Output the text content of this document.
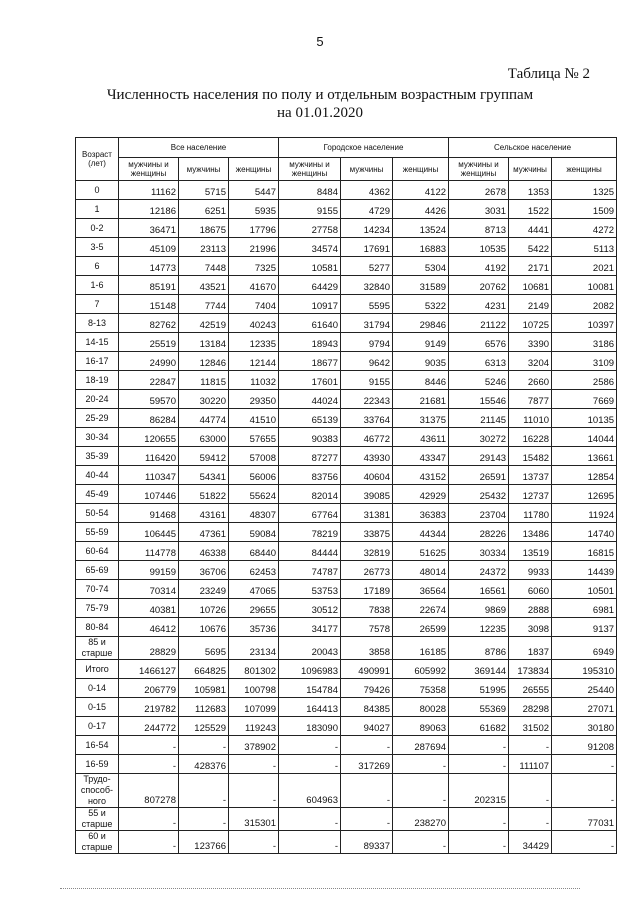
5
Таблица № 2
Численность населения по полу и отдельным возрастным группам
на 01.01.2020
Возраст (лет)	Все население			Городское население			Сельское население		
	мужчины и женщины	мужчины	женщины	мужчины и женщины	мужчины	женщины	мужчины и женщины	мужчины	женщины
0	11162	5715	5447	8484	4362	4122	2678	1353	1325
1	12186	6251	5935	9155	4729	4426	3031	1522	1509
0-2	36471	18675	17796	27758	14234	13524	8713	4441	4272
3-5	45109	23113	21996	34574	17691	16883	10535	5422	5113
6	14773	7448	7325	10581	5277	5304	4192	2171	2021
1-6	85191	43521	41670	64429	32840	31589	20762	10681	10081
7	15148	7744	7404	10917	5595	5322	4231	2149	2082
8-13	82762	42519	40243	61640	31794	29846	21122	10725	10397
14-15	25519	13184	12335	18943	9794	9149	6576	3390	3186
16-17	24990	12846	12144	18677	9642	9035	6313	3204	3109
18-19	22847	11815	11032	17601	9155	8446	5246	2660	2586
20-24	59570	30220	29350	44024	22343	21681	15546	7877	7669
25-29	86284	44774	41510	65139	33764	31375	21145	11010	10135
30-34	120655	63000	57655	90383	46772	43611	30272	16228	14044
35-39	116420	59412	57008	87277	43930	43347	29143	15482	13661
40-44	110347	54341	56006	83756	40604	43152	26591	13737	12854
45-49	107446	51822	55624	82014	39085	42929	25432	12737	12695
50-54	91468	43161	48307	67764	31381	36383	23704	11780	11924
55-59	106445	47361	59084	78219	33875	44344	28226	13486	14740
60-64	114778	46338	68440	84444	32819	51625	30334	13519	16815
65-69	99159	36706	62453	74787	26773	48014	24372	9933	14439
70-74	70314	23249	47065	53753	17189	36564	16561	6060	10501
75-79	40381	10726	29655	30512	7838	22674	9869	2888	6981
80-84	46412	10676	35736	34177	7578	26599	12235	3098	9137
85 и старше	28829	5695	23134	20043	3858	16185	8786	1837	6949
Итого	1466127	664825	801302	1096983	490991	605992	369144	173834	195310
0-14	206779	105981	100798	154784	79426	75358	51995	26555	25440
0-15	219782	112683	107099	164413	84385	80028	55369	28298	27071
0-17	244772	125529	119243	183090	94027	89063	61682	31502	30180
16-54	-	-	378902	-	-	287694	-	-	91208
16-59	-	428376	-	-	317269	-	-	111107	-
Трудо-способ-ного	807278	-	-	604963	-	-	202315	-	-
55 и старше	-	-	315301	-	-	238270	-	-	77031
60 и старше	-	123766	-	-	89337	-	-	34429	-
